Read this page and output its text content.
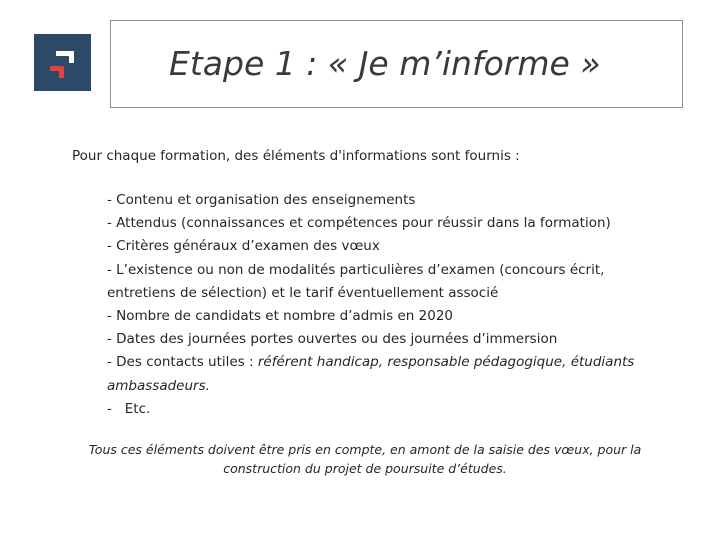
Etape 1 : « Je m’informe »
Pour chaque formation, des éléments d'informations sont fournis :
- Contenu et organisation des enseignements
- Attendus (connaissances et compétences pour réussir dans la formation)
- Critères généraux d’examen des vœux
- L’existence ou non de modalités particulières d’examen (concours écrit, entretiens de sélection) et le tarif éventuellement associé
- Nombre de candidats et nombre d’admis en 2020
- Dates des journées portes ouvertes ou des journées d’immersion
- Des contacts utiles : référent handicap, responsable pédagogique, étudiants ambassadeurs.
-   Etc.
Tous ces éléments doivent être pris en compte, en amont de la saisie des vœux, pour la construction du projet de poursuite d’études.
